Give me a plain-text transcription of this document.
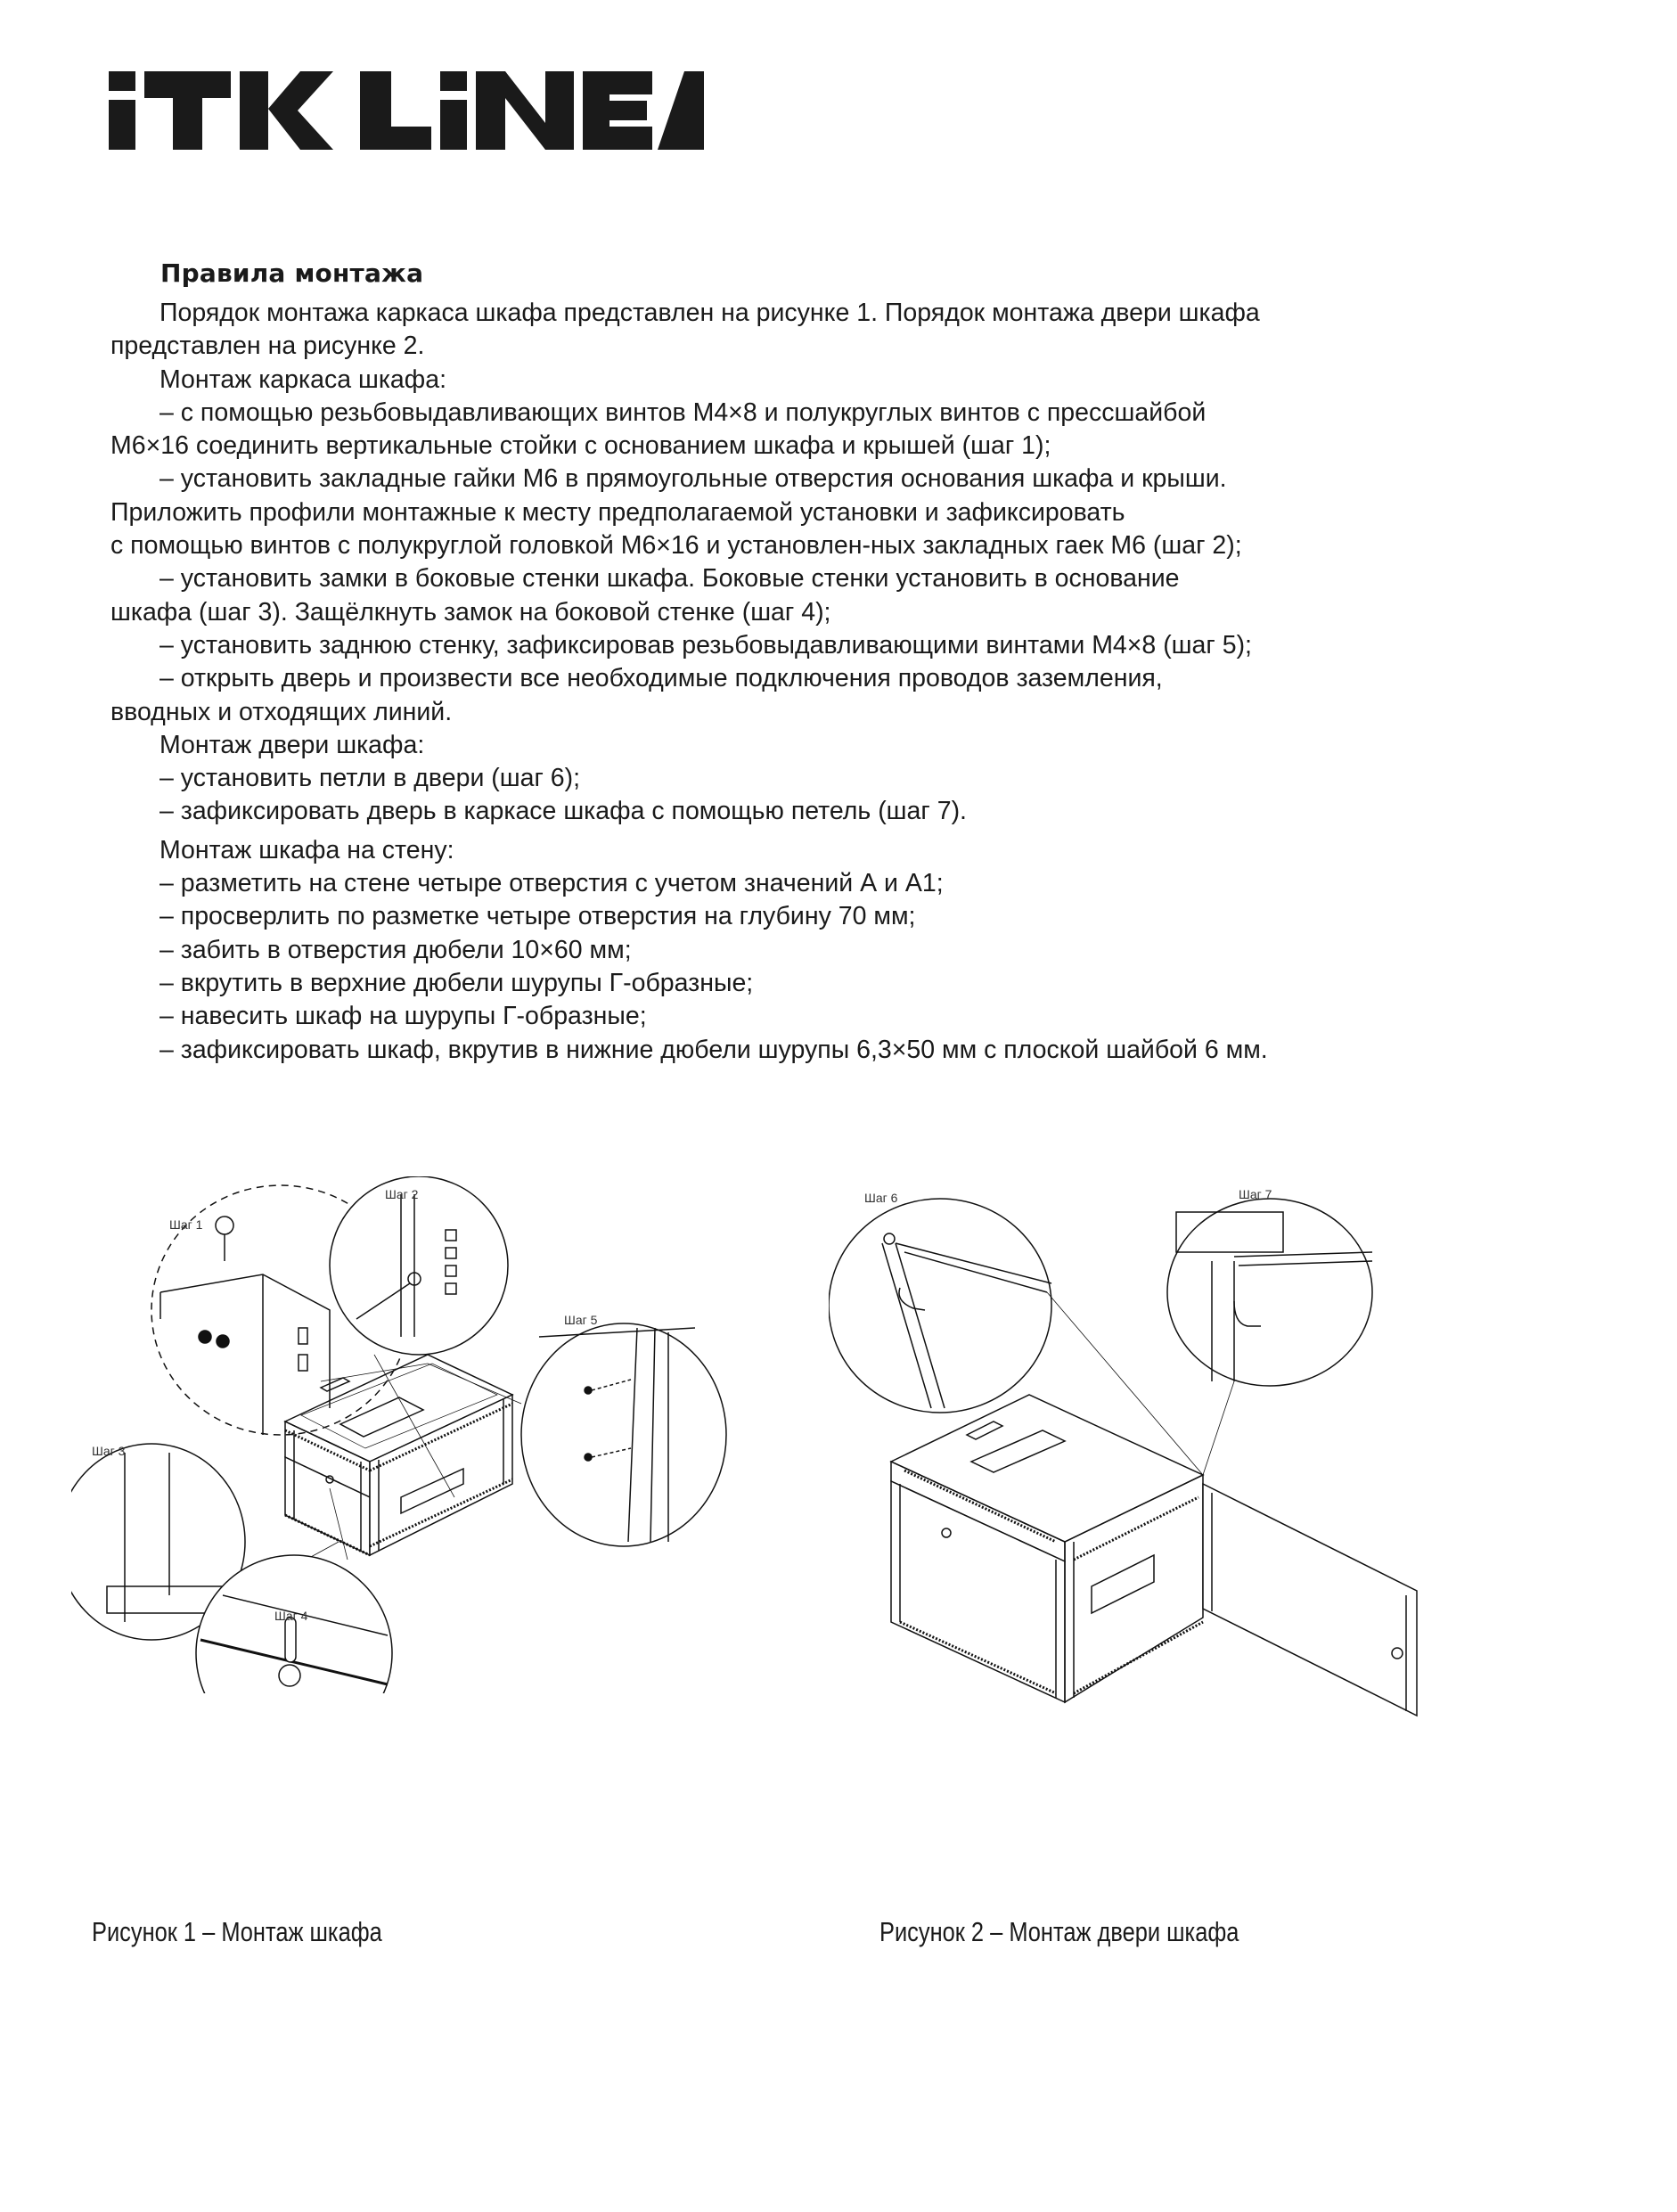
Правила монтажа

Порядок монтажа каркаса шкафа представлен на рисунке 1. Порядок монтажа двери шкафа

представлен на рисунке 2.

Монтаж каркаса шкафа:

– с помощью резьбовыдавливающих винтов М4×8 и полукруглых винтов с прессшайбой

М6×16 соединить вертикальные стойки с основанием шкафа и крышей (шаг 1);

– установить закладные гайки М6 в прямоугольные отверстия основания шкафа и крыши.

Приложить профили монтажные к месту предполагаемой установки и зафиксировать

с помощью винтов с полукруглой головкой М6×16 и установлен-ных закладных гаек М6 (шаг 2);

– установить замки в боковые стенки шкафа. Боковые стенки установить в основание

шкафа (шаг 3). Защёлкнуть замок на боковой стенке (шаг 4);

– установить заднюю стенку, зафиксировав резьбовыдавливающими винтами М4×8 (шаг 5);

– открыть дверь и произвести все необходимые подключения проводов заземления,

вводных и отходящих линий.

Монтаж двери шкафа:

– установить петли в двери (шаг 6);

– зафиксировать дверь в каркасе шкафа с помощью петель (шаг 7).

Монтаж шкафа на стену:

– разметить на стене четыре отверстия с учетом значений А и А1;

– просверлить по разметке четыре отверстия на глубину 70 мм;

– забить в отверстия дюбели 10×60 мм;

– вкрутить в верхние дюбели шурупы Г-образные;

– навесить шкаф на шурупы Г-образные;

– зафиксировать шкаф, вкрутив в нижние дюбели шурупы 6,3×50 мм с плоской шайбой 6 мм.

Шаг 1
Шаг 2
Шаг 3
Шаг 4
Шаг 5
Шаг 6	Шаг 7
Рисунок 1 – Монтаж шкафа	Рисунок 2 – Монтаж двери шкафа
